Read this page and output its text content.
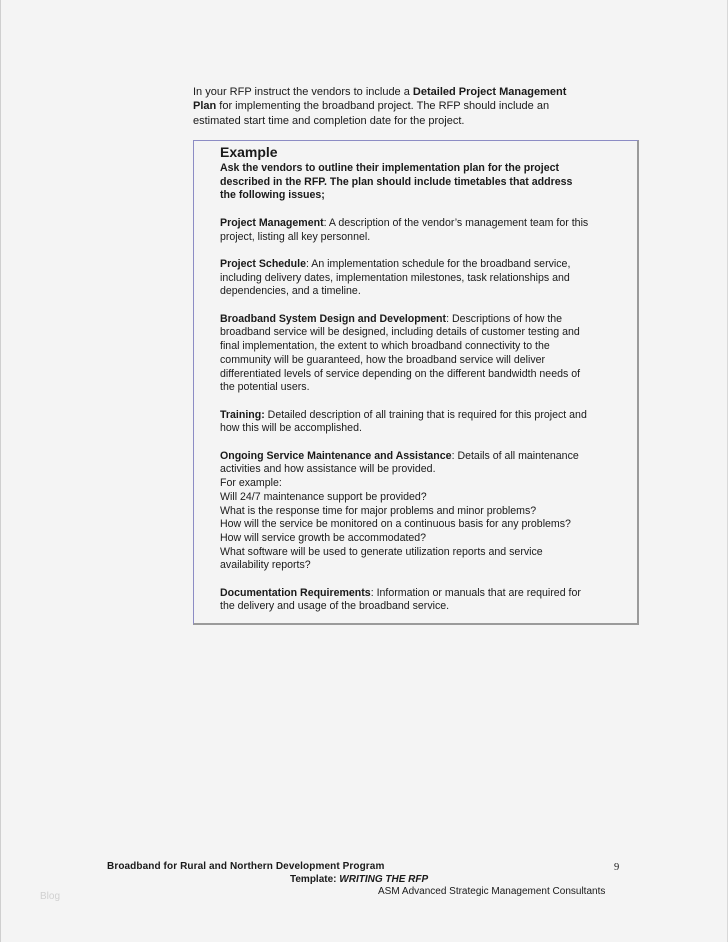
In your RFP instruct the vendors to include a Detailed Project Management
Plan for implementing the broadband project. The RFP should include an
estimated start time and completion date for the project.
Example
Ask the vendors to outline their implementation plan for the project
described in the RFP. The plan should include timetables that address
the following issues;
Project Management: A description of the vendor’s management team for this
project, listing all key personnel.
Project Schedule: An implementation schedule for the broadband service,
including delivery dates, implementation milestones, task relationships and
dependencies, and a timeline.
Broadband System Design and Development: Descriptions of how the
broadband service will be designed, including details of customer testing and
final implementation, the extent to which broadband connectivity to the
community will be guaranteed, how the broadband service will deliver
differentiated levels of service depending on the different bandwidth needs of
the potential users.
Training: Detailed description of all training that is required for this project and
how this will be accomplished.
Ongoing Service Maintenance and Assistance: Details of all maintenance
activities and how assistance will be provided.
For example:
Will 24/7 maintenance support be provided?
What is the response time for major problems and minor problems?
How will the service be monitored on a continuous basis for any problems?
How will service growth be accommodated?
What software will be used to generate utilization reports and service
availability reports?
Documentation Requirements: Information or manuals that are required for
the delivery and usage of the broadband service.
Broadband for Rural and Northern Development Program	9
Template: WRITING THE RFP
ASM Advanced Strategic Management Consultants
Blog
